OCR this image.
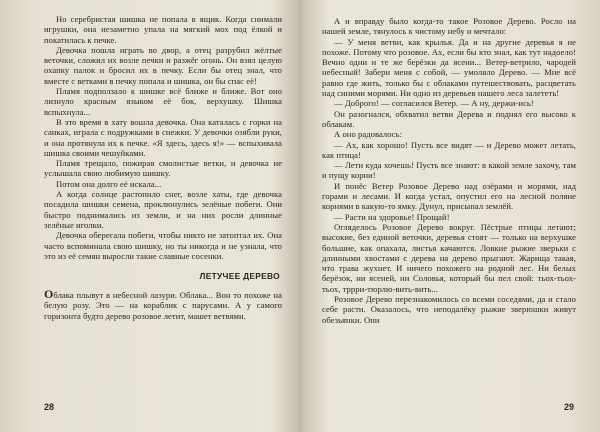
Но серебристая шишка не попала в ящик. Когда снимали игрушки, она незаметно упала на мягкий мох под ёлкой и покатилась к печке.

Девочка пошла играть во двор, а отец разрубил жёлтые веточки, сложил их возле печки и разжёг огонь. Он взял целую охапку палок и бросил их в печку. Если бы отец знал, что вместе с ветками в печку попала и шишка, он бы спас её!

Пламя подползало к шишке всё ближе и ближе. Вот оно лизнуло красным языком её бок, верхушку. Шишка вспыхнула...

В это время в хату вошла девочка. Она каталась с горки на санках, играла с подружками в снежки. У девочки озябли руки, и она протянула их к печке. «Я здесь, здесь я!» — вспыхивала шишка своими чешуйками.

Пламя трещало, пожирая смолистые ветки, и девочка не услышала свою любимую шишку.

Потом она долго её искала...

А когда солнце растопило снег, возле хаты, где девочка посадила шишки семена, проклюнулись зелёные побеги. Они быстро поднимались из земли, и на них росли длинные зелёные иголки.

Девочка оберегала побеги, чтобы никто не затоптал их. Она часто вспоминала свою шишку, но ты никогда и не узнала, что это из её семян выросли такие славные сосенки.

ЛЕТУЧЕЕ ДЕРЕВО

Облака плывут в небесной лазури. Облака... Вон то похоже на белую розу. Это — на кораблик с парусами. А у самого горизонта будто дерево розовое летит, машет ветвями.

28

А и вправду было когда-то такое Розовое Дерево. Росло на нашей земле, тянулось к чистому небу и мечтало:

— У меня ветви, как крылья. Да и на другие деревья я не похоже. Потому что розовое. Ах, если бы кто знал, как тут надоело! Вечно одни и те же берёзки да ясени... Ветер-ветрило, чародей небесный! Забери меня с собой, — умоляло Дерево. — Мне всё равно где жить, только бы с облаками путешествовать, расцветать над синими морями. Ни одно из деревьев нашего леса залететь!

— Доброго! — согласился Ветер. — А ну, держи-ись!

Он разогнался, обхватил ветви Дерева и поднял его высоко к облакам.

А оно радовалось:

— Ах, как хорошо! Пусть все видят — и Дерево может летать, как птица!

— Лети куда хочешь! Пусть все знают: в какой земле захочу, там и пущу корни!

И понёс Ветер Розовое Дерево над озёрами и морями, над горами и лесами. И когда устал, опустил его на лесной поляне корнями в какую-то ямку. Дунул, присыпал землёй.

— Расти на здоровье! Прощай!

Огляделось Розовое Дерево вокруг. Пёстрые птицы летают; высокие, без единой веточки, деревья стоят — только на верхушке большие, как опахала, листья качаются. Ловкие рыжие зверьки с длинными хвостами с дерева на дерево прыгают. Жарища такая, что трава жухнет. И ничего похожего на родной лес. Ни белых берёзок, ни ясеней, ни Соловья, который бы пел свой: тьох-тьох-тьох, тррри-тюрлю-вить-вить...

Розовое Дерево перезнакомилось со всеми соседями, да и стало себе расти. Оказалось, что неподалёку рыжие зверюшки живут обезьянки. Они

29
